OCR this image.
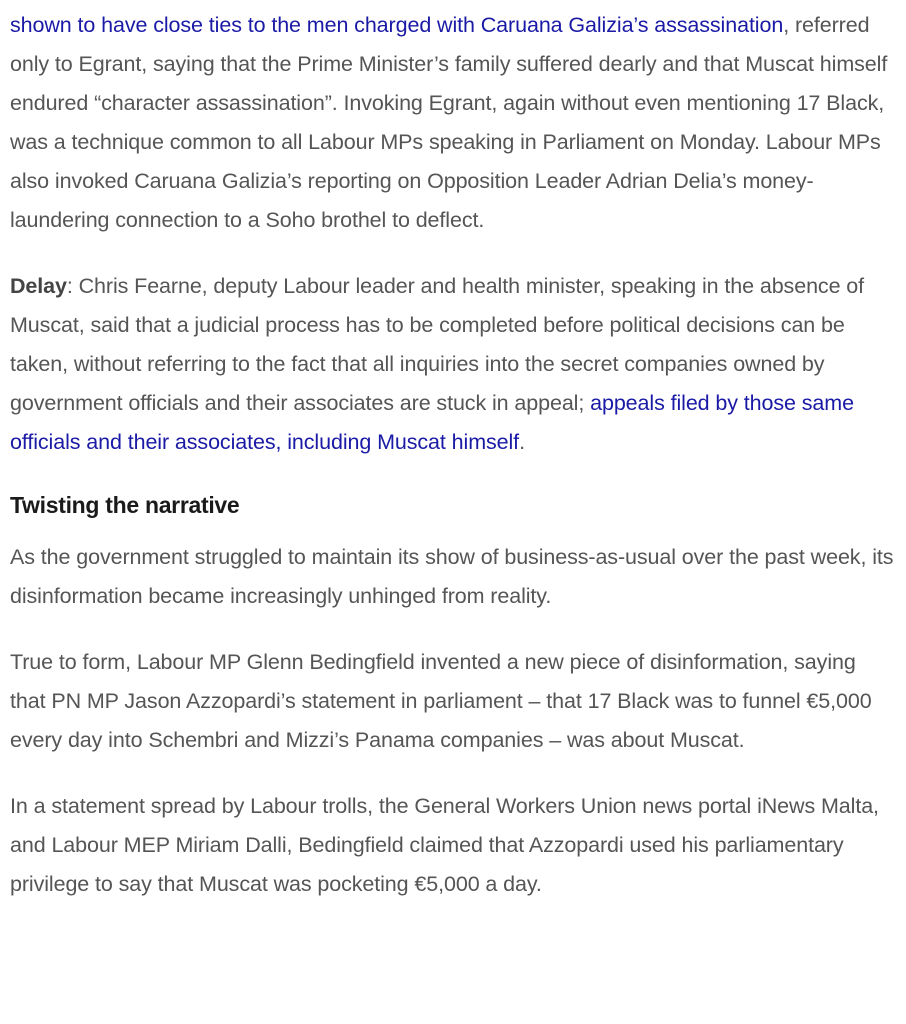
shown to have close ties to the men charged with Caruana Galizia’s assassination, referred only to Egrant, saying that the Prime Minister’s family suffered dearly and that Muscat himself endured “character assassination”. Invoking Egrant, again without even mentioning 17 Black, was a technique common to all Labour MPs speaking in Parliament on Monday. Labour MPs also invoked Caruana Galizia’s reporting on Opposition Leader Adrian Delia’s money-laundering connection to a Soho brothel to deflect.

Delay: Chris Fearne, deputy Labour leader and health minister, speaking in the absence of Muscat, said that a judicial process has to be completed before political decisions can be taken, without referring to the fact that all inquiries into the secret companies owned by government officials and their associates are stuck in appeal; appeals filed by those same officials and their associates, including Muscat himself.

Twisting the narrative

As the government struggled to maintain its show of business-as-usual over the past week, its disinformation became increasingly unhinged from reality.

True to form, Labour MP Glenn Bedingfield invented a new piece of disinformation, saying that PN MP Jason Azzopardi’s statement in parliament – that 17 Black was to funnel €5,000 every day into Schembri and Mizzi’s Panama companies – was about Muscat.

In a statement spread by Labour trolls, the General Workers Union news portal iNews Malta, and Labour MEP Miriam Dalli, Bedingfield claimed that Azzopardi used his parliamentary privilege to say that Muscat was pocketing €5,000 a day.
